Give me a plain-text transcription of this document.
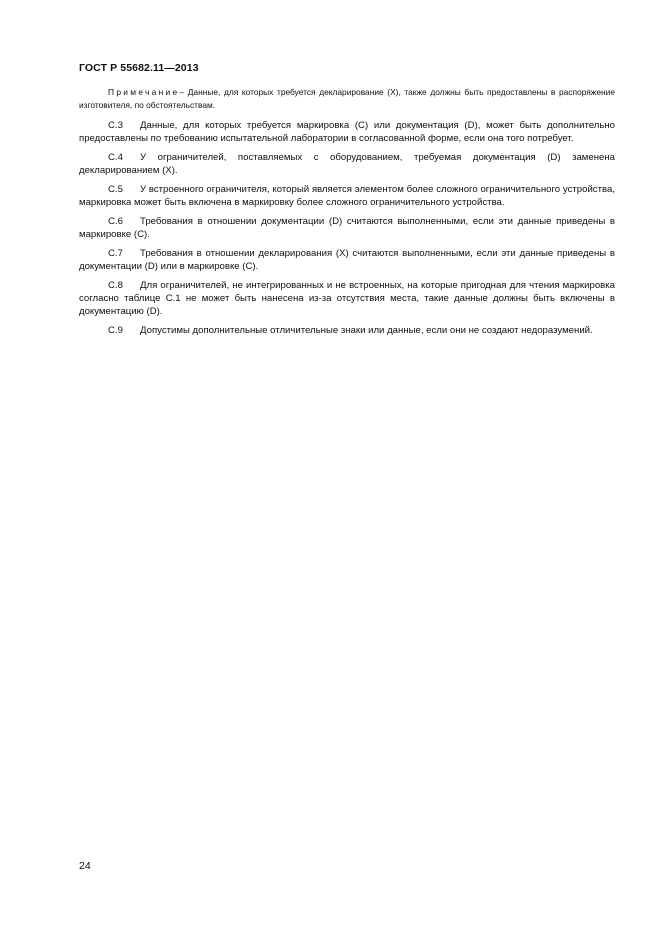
ГОСТ Р 55682.11—2013

Примечание– Данные, для которых требуется декларирование (Х), также должны быть предоставлены в распоряжение изготовителя, по обстоятельствам.

С.3 Данные, для которых требуется маркировка (С) или документация (D), может быть дополнительно предоставлены по требованию испытательной лаборатории в согласованной форме, если она того потребует.

С.4 У ограничителей, поставляемых с оборудованием, требуемая документация (D) заменена декларированием (Х).

С.5 У встроенного ограничителя, который является элементом более сложного ограничительного устройства, маркировка может быть включена в маркировку более сложного ограничительного устройства.

С.6 Требования в отношении документации (D) считаются выполненными, если эти данные приведены в маркировке (С).

С.7 Требования в отношении декларирования (Х) считаются выполненными, если эти данные приведены в документации (D) или в маркировке (С).

С.8 Для ограничителей, не интегрированных и не встроенных, на которые пригодная для чтения маркировка согласно таблице С.1 не может быть нанесена из-за отсутствия места, такие данные должны быть включены в документацию (D).

С.9 Допустимы дополнительные отличительные знаки или данные, если они не создают недоразумений.

24
